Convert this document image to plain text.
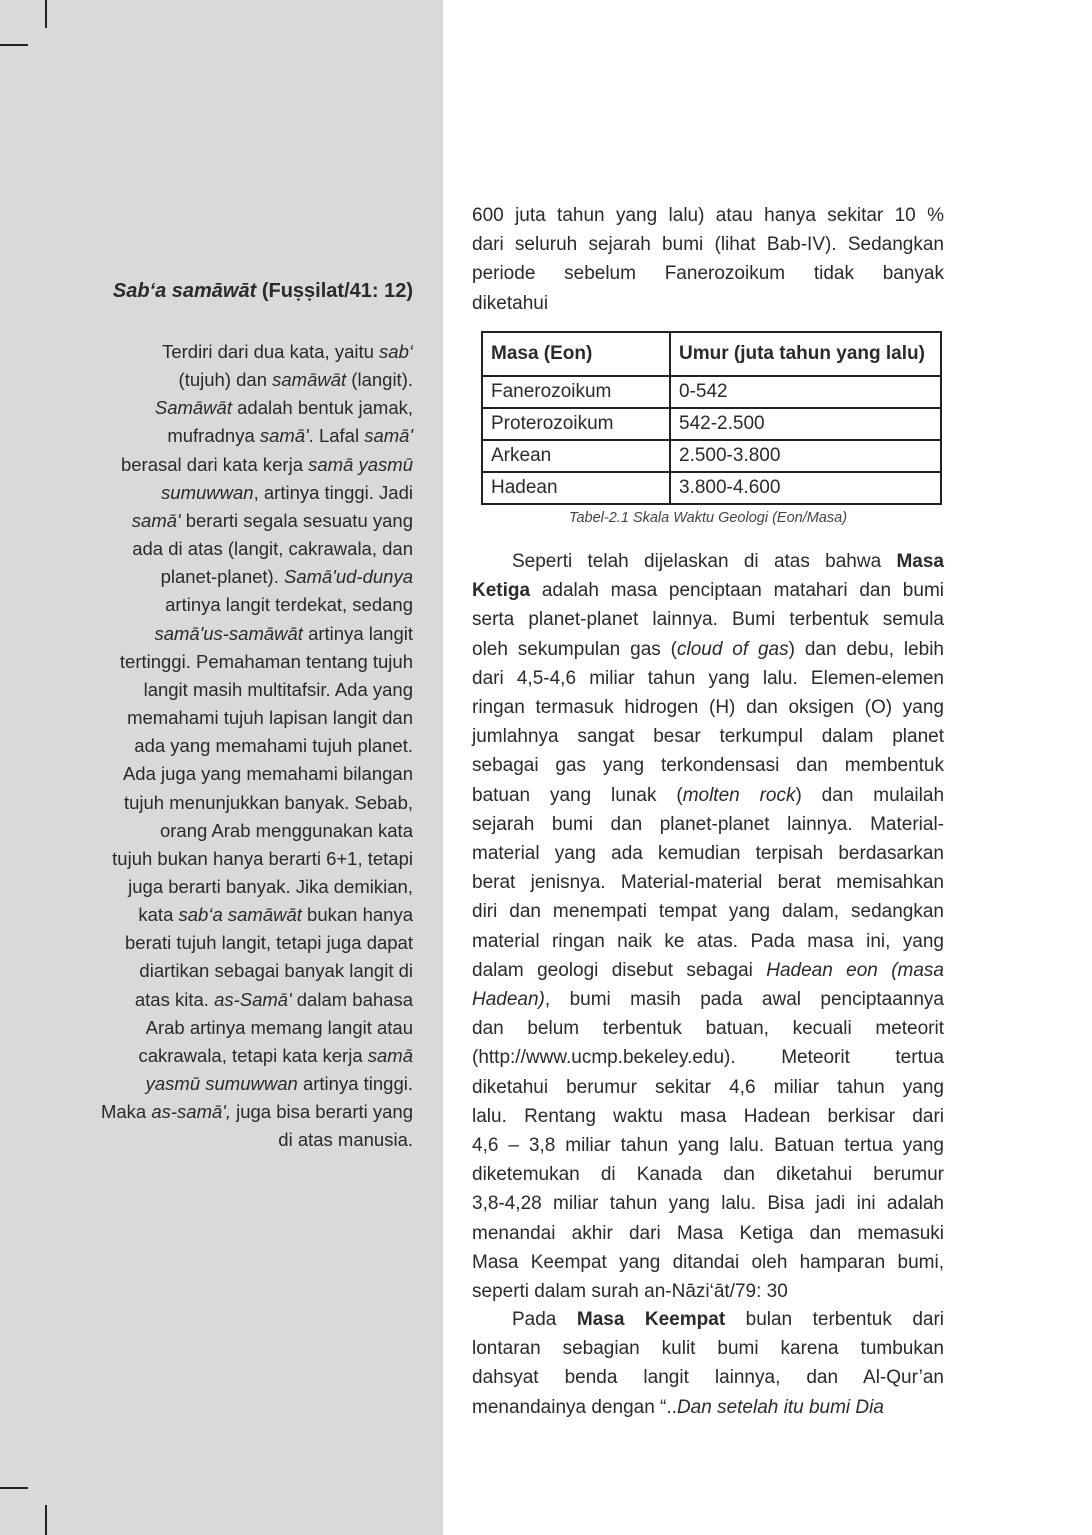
Sab‘a samāwāt (Fuṣṣilat/41: 12)
Terdiri dari dua kata, yaitu sab‘
(tujuh) dan samāwāt (langit).
Samāwāt adalah bentuk jamak,
mufradnya samā'. Lafal samā'
berasal dari kata kerja samā yasmū
sumuwwan, artinya tinggi. Jadi
samā' berarti segala sesuatu yang
ada di atas (langit, cakrawala, dan
planet-planet). Samā'ud-dunya
artinya langit terdekat, sedang
samā'us-samāwāt artinya langit
tertinggi. Pemahaman tentang tujuh
langit masih multitafsir. Ada yang
memahami tujuh lapisan langit dan
ada yang memahami tujuh planet.
Ada juga yang memahami bilangan
tujuh menunjukkan banyak. Sebab,
orang Arab menggunakan kata
tujuh bukan hanya berarti 6+1, tetapi
juga berarti banyak. Jika demikian,
kata sab‘a samāwāt bukan hanya
berati tujuh langit, tetapi juga dapat
diartikan sebagai banyak langit di
atas kita. as-Samā' dalam bahasa
Arab artinya memang langit atau
cakrawala, tetapi kata kerja samā
yasmū sumuwwan artinya tinggi.
Maka as-samā', juga bisa berarti yang
di atas manusia.
600 juta tahun yang lalu) atau hanya sekitar 10 %
dari seluruh sejarah bumi (lihat Bab-IV). Sedangkan
periode sebelum Fanerozoikum tidak banyak
diketahui
Masa (Eon)	Umur (juta tahun yang lalu)
Fanerozoikum	0-542
Proterozoikum	542-2.500
Arkean	2.500-3.800
Hadean	3.800-4.600
Tabel-2.1 Skala Waktu Geologi (Eon/Masa)
Seperti telah dijelaskan di atas bahwa Masa
Ketiga adalah masa penciptaan matahari dan bumi
serta planet-planet lainnya. Bumi terbentuk semula
oleh sekumpulan gas (cloud of gas) dan debu, lebih
dari 4,5-4,6 miliar tahun yang lalu. Elemen-elemen
ringan termasuk hidrogen (H) dan oksigen (O) yang
jumlahnya sangat besar terkumpul dalam planet
sebagai gas yang terkondensasi dan membentuk
batuan yang lunak (molten rock) dan mulailah
sejarah bumi dan planet-planet lainnya. Material-
material yang ada kemudian terpisah berdasarkan
berat jenisnya. Material-material berat memisahkan
diri dan menempati tempat yang dalam, sedangkan
material ringan naik ke atas. Pada masa ini, yang
dalam geologi disebut sebagai Hadean eon (masa
Hadean), bumi masih pada awal penciptaannya
dan belum terbentuk batuan, kecuali meteorit
(http://www.ucmp.bekeley.edu). Meteorit tertua
diketahui berumur sekitar 4,6 miliar tahun yang
lalu. Rentang waktu masa Hadean berkisar dari
4,6 – 3,8 miliar tahun yang lalu. Batuan tertua yang
diketemukan di Kanada dan diketahui berumur
3,8-4,28 miliar tahun yang lalu. Bisa jadi ini adalah
menandai akhir dari Masa Ketiga dan memasuki
Masa Keempat yang ditandai oleh hamparan bumi,
seperti dalam surah an-Nāzi‘āt/79: 30
Pada Masa Keempat bulan terbentuk dari
lontaran sebagian kulit bumi karena tumbukan
dahsyat benda langit lainnya, dan Al-Qur’an
menandainya dengan “..Dan setelah itu bumi Dia
